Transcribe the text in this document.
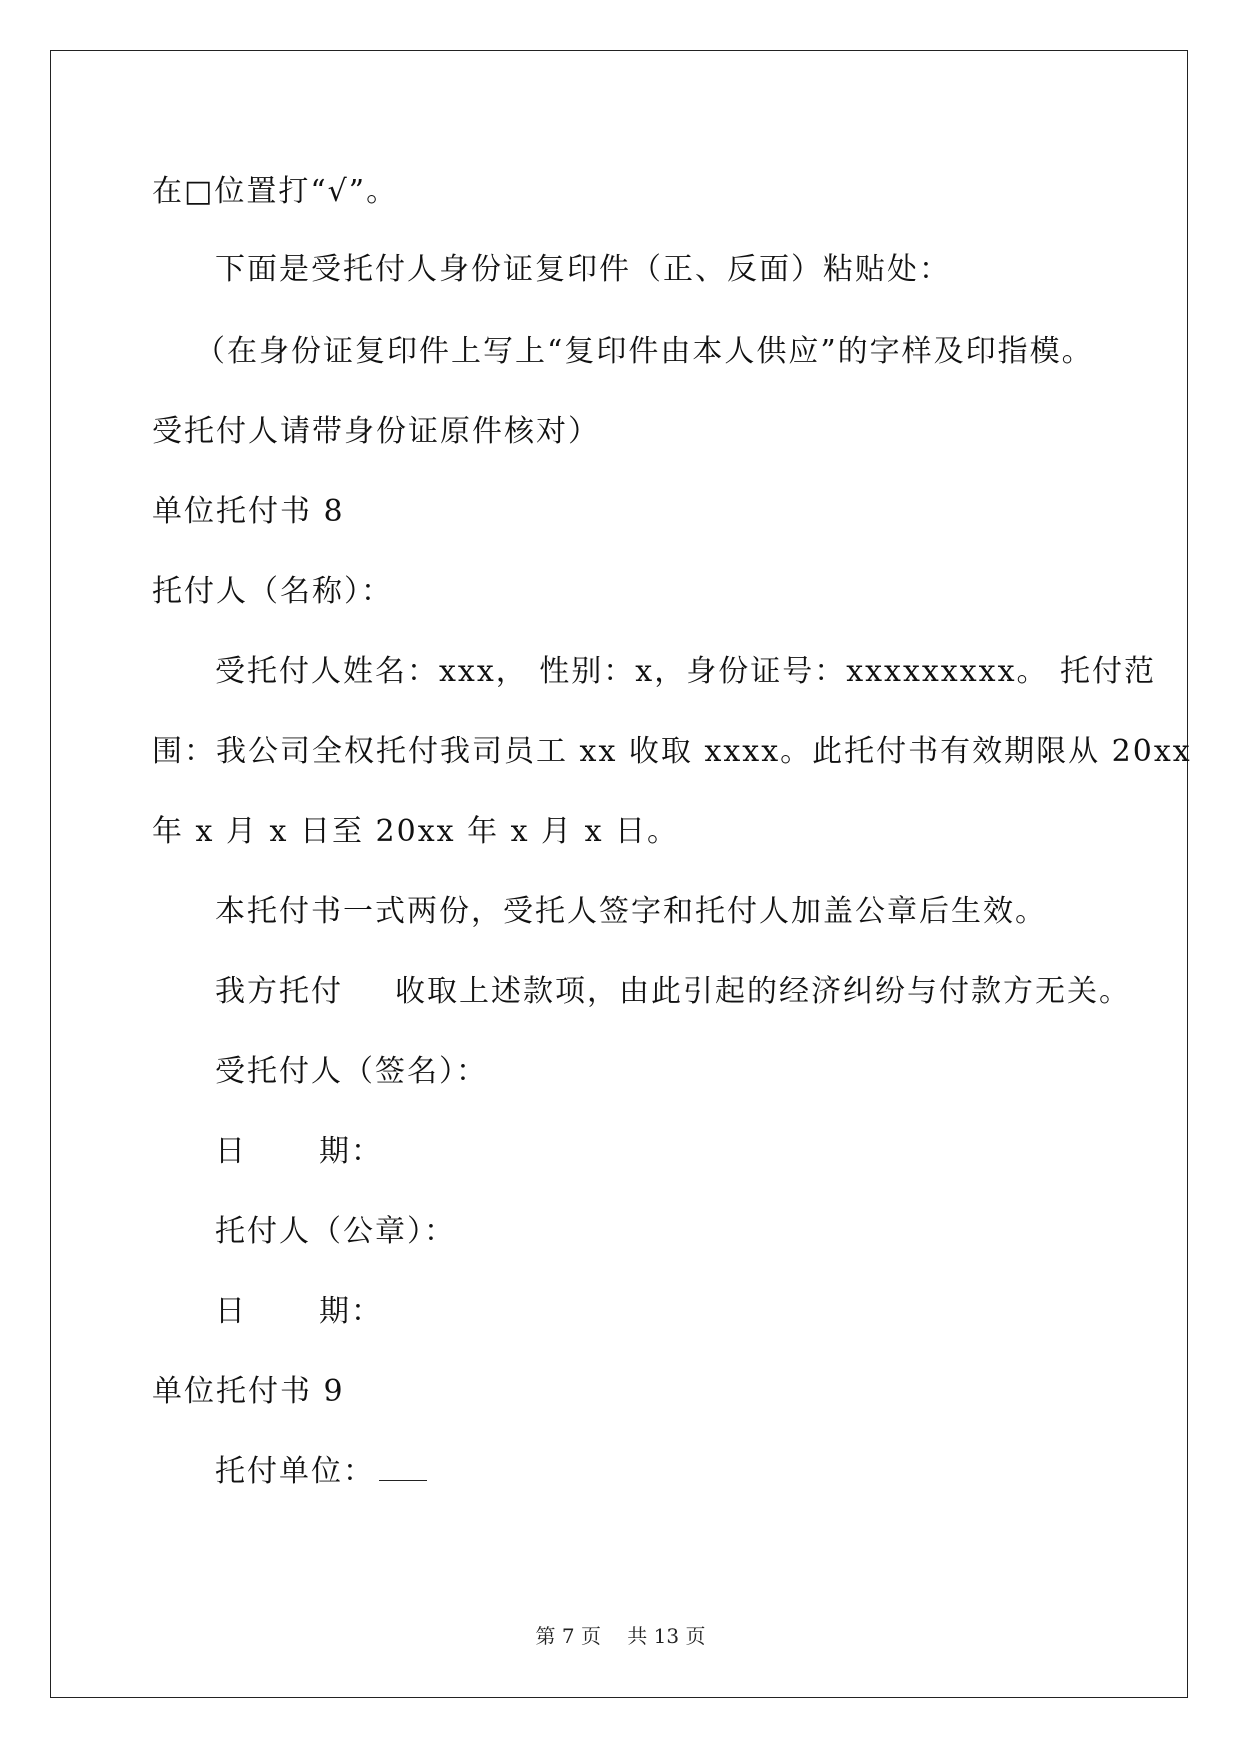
在□位置打“√”。
下面是受托付人身份证复印件（正、反面）粘贴处：
（在身份证复印件上写上“复印件由本人供应”的字样及印指模。
受托付人请带身份证原件核对）
单位托付书 8
托付人（名称）：
受托付人姓名：xxx， 性别：x，身份证号：xxxxxxxxx。 托付范
围：我公司全权托付我司员工 xx 收取 xxxx。此托付书有效期限从 20xx
年 x 月 x 日至 20xx 年 x 月 x 日。
本托付书一式两份，受托人签字和托付人加盖公章后生效。
我方托付 收取上述款项，由此引起的经济纠纷与付款方无关。
受托付人（签名）：
日 期：
托付人（公章）：
日 期：
单位托付书 9
托付单位：
第 7 页　 共 13 页
